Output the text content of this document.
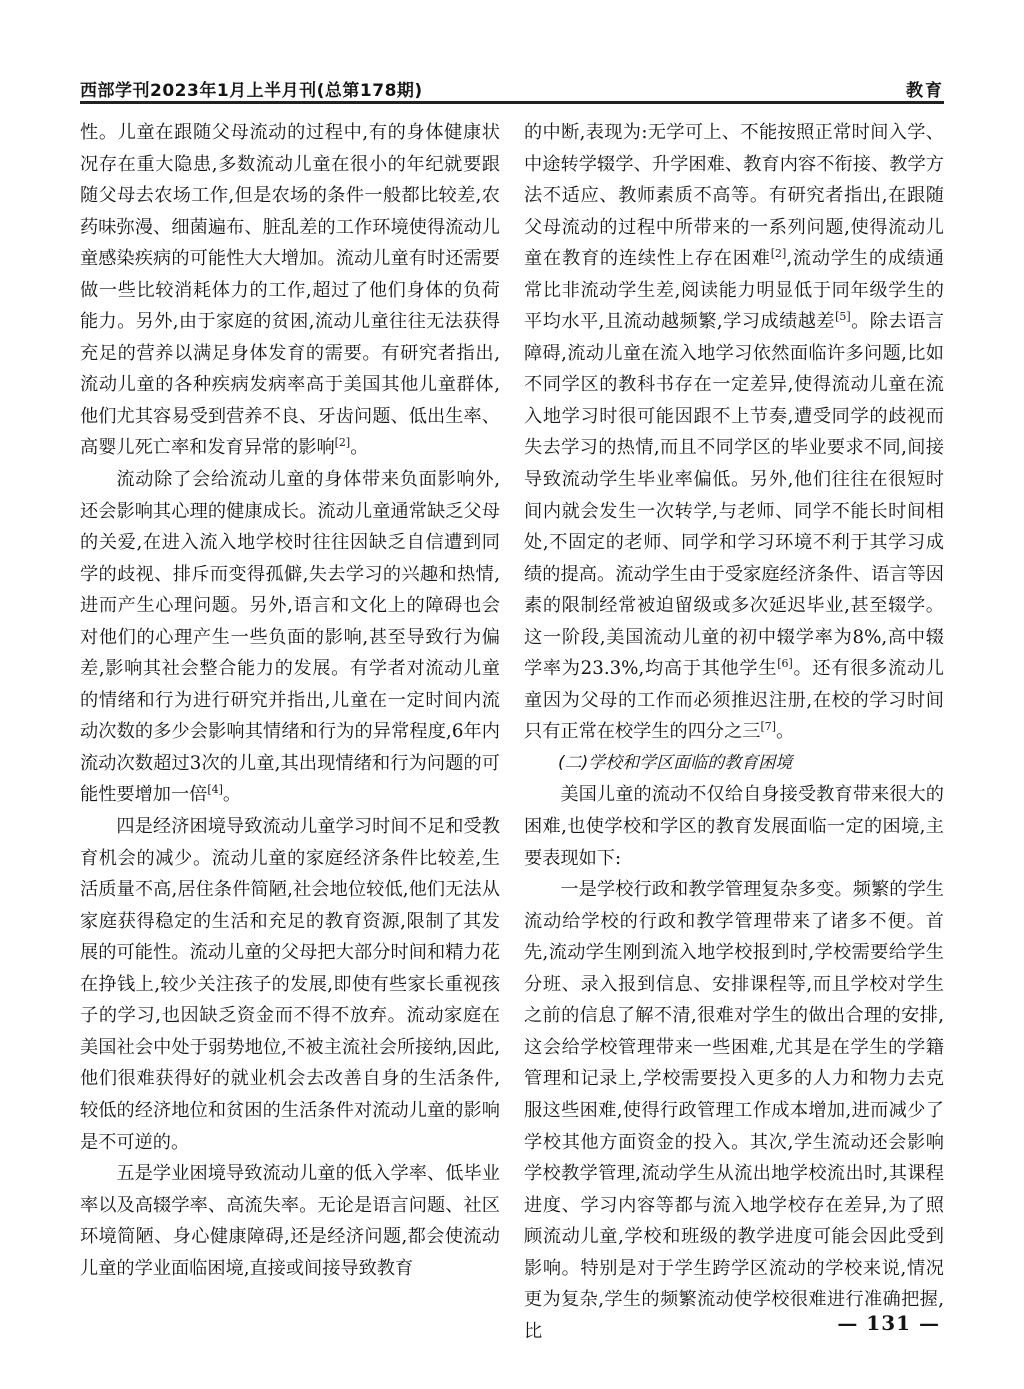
西部学刊2023年1月上半月刊(总第178期)	教育

性。儿童在跟随父母流动的过程中,有的身体健康状况存在重大隐患,多数流动儿童在很小的年纪就要跟随父母去农场工作,但是农场的条件一般都比较差,农药味弥漫、细菌遍布、脏乱差的工作环境使得流动儿童感染疾病的可能性大大增加。流动儿童有时还需要做一些比较消耗体力的工作,超过了他们身体的负荷能力。另外,由于家庭的贫困,流动儿童往往无法获得充足的营养以满足身体发育的需要。有研究者指出,流动儿童的各种疾病发病率高于美国其他儿童群体,他们尤其容易受到营养不良、牙齿问题、低出生率、高婴儿死亡率和发育异常的影响[2]。

流动除了会给流动儿童的身体带来负面影响外,还会影响其心理的健康成长。流动儿童通常缺乏父母的关爱,在进入流入地学校时往往因缺乏自信遭到同学的歧视、排斥而变得孤僻,失去学习的兴趣和热情,进而产生心理问题。另外,语言和文化上的障碍也会对他们的心理产生一些负面的影响,甚至导致行为偏差,影响其社会整合能力的发展。有学者对流动儿童的情绪和行为进行研究并指出,儿童在一定时间内流动次数的多少会影响其情绪和行为的异常程度,6年内流动次数超过3次的儿童,其出现情绪和行为问题的可能性要增加一倍[4]。

四是经济困境导致流动儿童学习时间不足和受教育机会的减少。流动儿童的家庭经济条件比较差,生活质量不高,居住条件简陋,社会地位较低,他们无法从家庭获得稳定的生活和充足的教育资源,限制了其发展的可能性。流动儿童的父母把大部分时间和精力花在挣钱上,较少关注孩子的发展,即使有些家长重视孩子的学习,也因缺乏资金而不得不放弃。流动家庭在美国社会中处于弱势地位,不被主流社会所接纳,因此,他们很难获得好的就业机会去改善自身的生活条件,较低的经济地位和贫困的生活条件对流动儿童的影响是不可逆的。

五是学业困境导致流动儿童的低入学率、低毕业率以及高辍学率、高流失率。无论是语言问题、社区环境简陋、身心健康障碍,还是经济问题,都会使流动儿童的学业面临困境,直接或间接导致教育

的中断,表现为:无学可上、不能按照正常时间入学、中途转学辍学、升学困难、教育内容不衔接、教学方法不适应、教师素质不高等。有研究者指出,在跟随父母流动的过程中所带来的一系列问题,使得流动儿童在教育的连续性上存在困难[2],流动学生的成绩通常比非流动学生差,阅读能力明显低于同年级学生的平均水平,且流动越频繁,学习成绩越差[5]。除去语言障碍,流动儿童在流入地学习依然面临许多问题,比如不同学区的教科书存在一定差异,使得流动儿童在流入地学习时很可能因跟不上节奏,遭受同学的歧视而失去学习的热情,而且不同学区的毕业要求不同,间接导致流动学生毕业率偏低。另外,他们往往在很短时间内就会发生一次转学,与老师、同学不能长时间相处,不固定的老师、同学和学习环境不利于其学习成绩的提高。流动学生由于受家庭经济条件、语言等因素的限制经常被迫留级或多次延迟毕业,甚至辍学。这一阶段,美国流动儿童的初中辍学率为8%,高中辍学率为23.3%,均高于其他学生[6]。还有很多流动儿童因为父母的工作而必须推迟注册,在校的学习时间只有正常在校学生的四分之三[7]。

(二)学校和学区面临的教育困境

美国儿童的流动不仅给自身接受教育带来很大的困难,也使学校和学区的教育发展面临一定的困境,主要表现如下:

一是学校行政和教学管理复杂多变。频繁的学生流动给学校的行政和教学管理带来了诸多不便。首先,流动学生刚到流入地学校报到时,学校需要给学生分班、录入报到信息、安排课程等,而且学校对学生之前的信息了解不清,很难对学生的做出合理的安排,这会给学校管理带来一些困难,尤其是在学生的学籍管理和记录上,学校需要投入更多的人力和物力去克服这些困难,使得行政管理工作成本增加,进而减少了学校其他方面资金的投入。其次,学生流动还会影响学校教学管理,流动学生从流出地学校流出时,其课程进度、学习内容等都与流入地学校存在差异,为了照顾流动儿童,学校和班级的教学进度可能会因此受到影响。特别是对于学生跨学区流动的学校来说,情况更为复杂,学生的频繁流动使学校很难进行准确把握,比	— 131 —
